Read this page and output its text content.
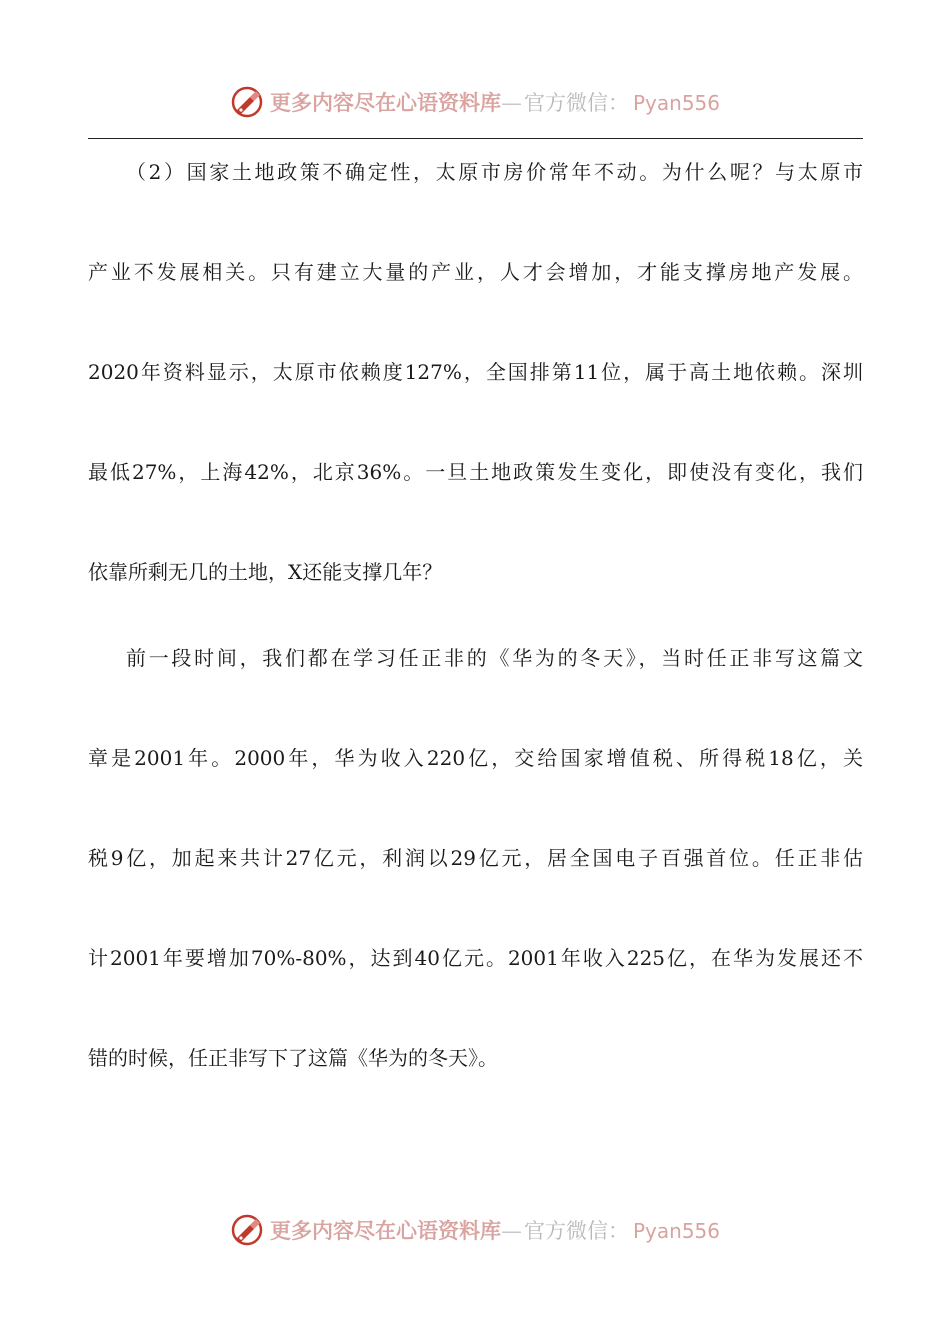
更多内容尽在心语资料库 — 官方微信： Pyan556
（2）国家土地政策不确定性，太原市房价常年不动。为什么呢？与太原市
产业不发展相关。只有建立大量的产业，人才会增加，才能支撑房地产发展。
2020年资料显示，太原市依赖度127%，全国排第11位，属于高土地依赖。深圳
最低27%，上海42%，北京36%。一旦土地政策发生变化，即使没有变化，我们
依靠所剩无几的土地，X还能支撑几年？
前一段时间，我们都在学习任正非的《华为的冬天》，当时任正非写这篇文
章是2001年。2000年，华为收入220亿，交给国家增值税、所得税18亿，关
税9亿，加起来共计27亿元，利润以29亿元，居全国电子百强首位。任正非估
计2001年要增加70%-80%，达到40亿元。2001年收入225亿，在华为发展还不
错的时候，任正非写下了这篇《华为的冬天》。
更多内容尽在心语资料库 — 官方微信： Pyan556
